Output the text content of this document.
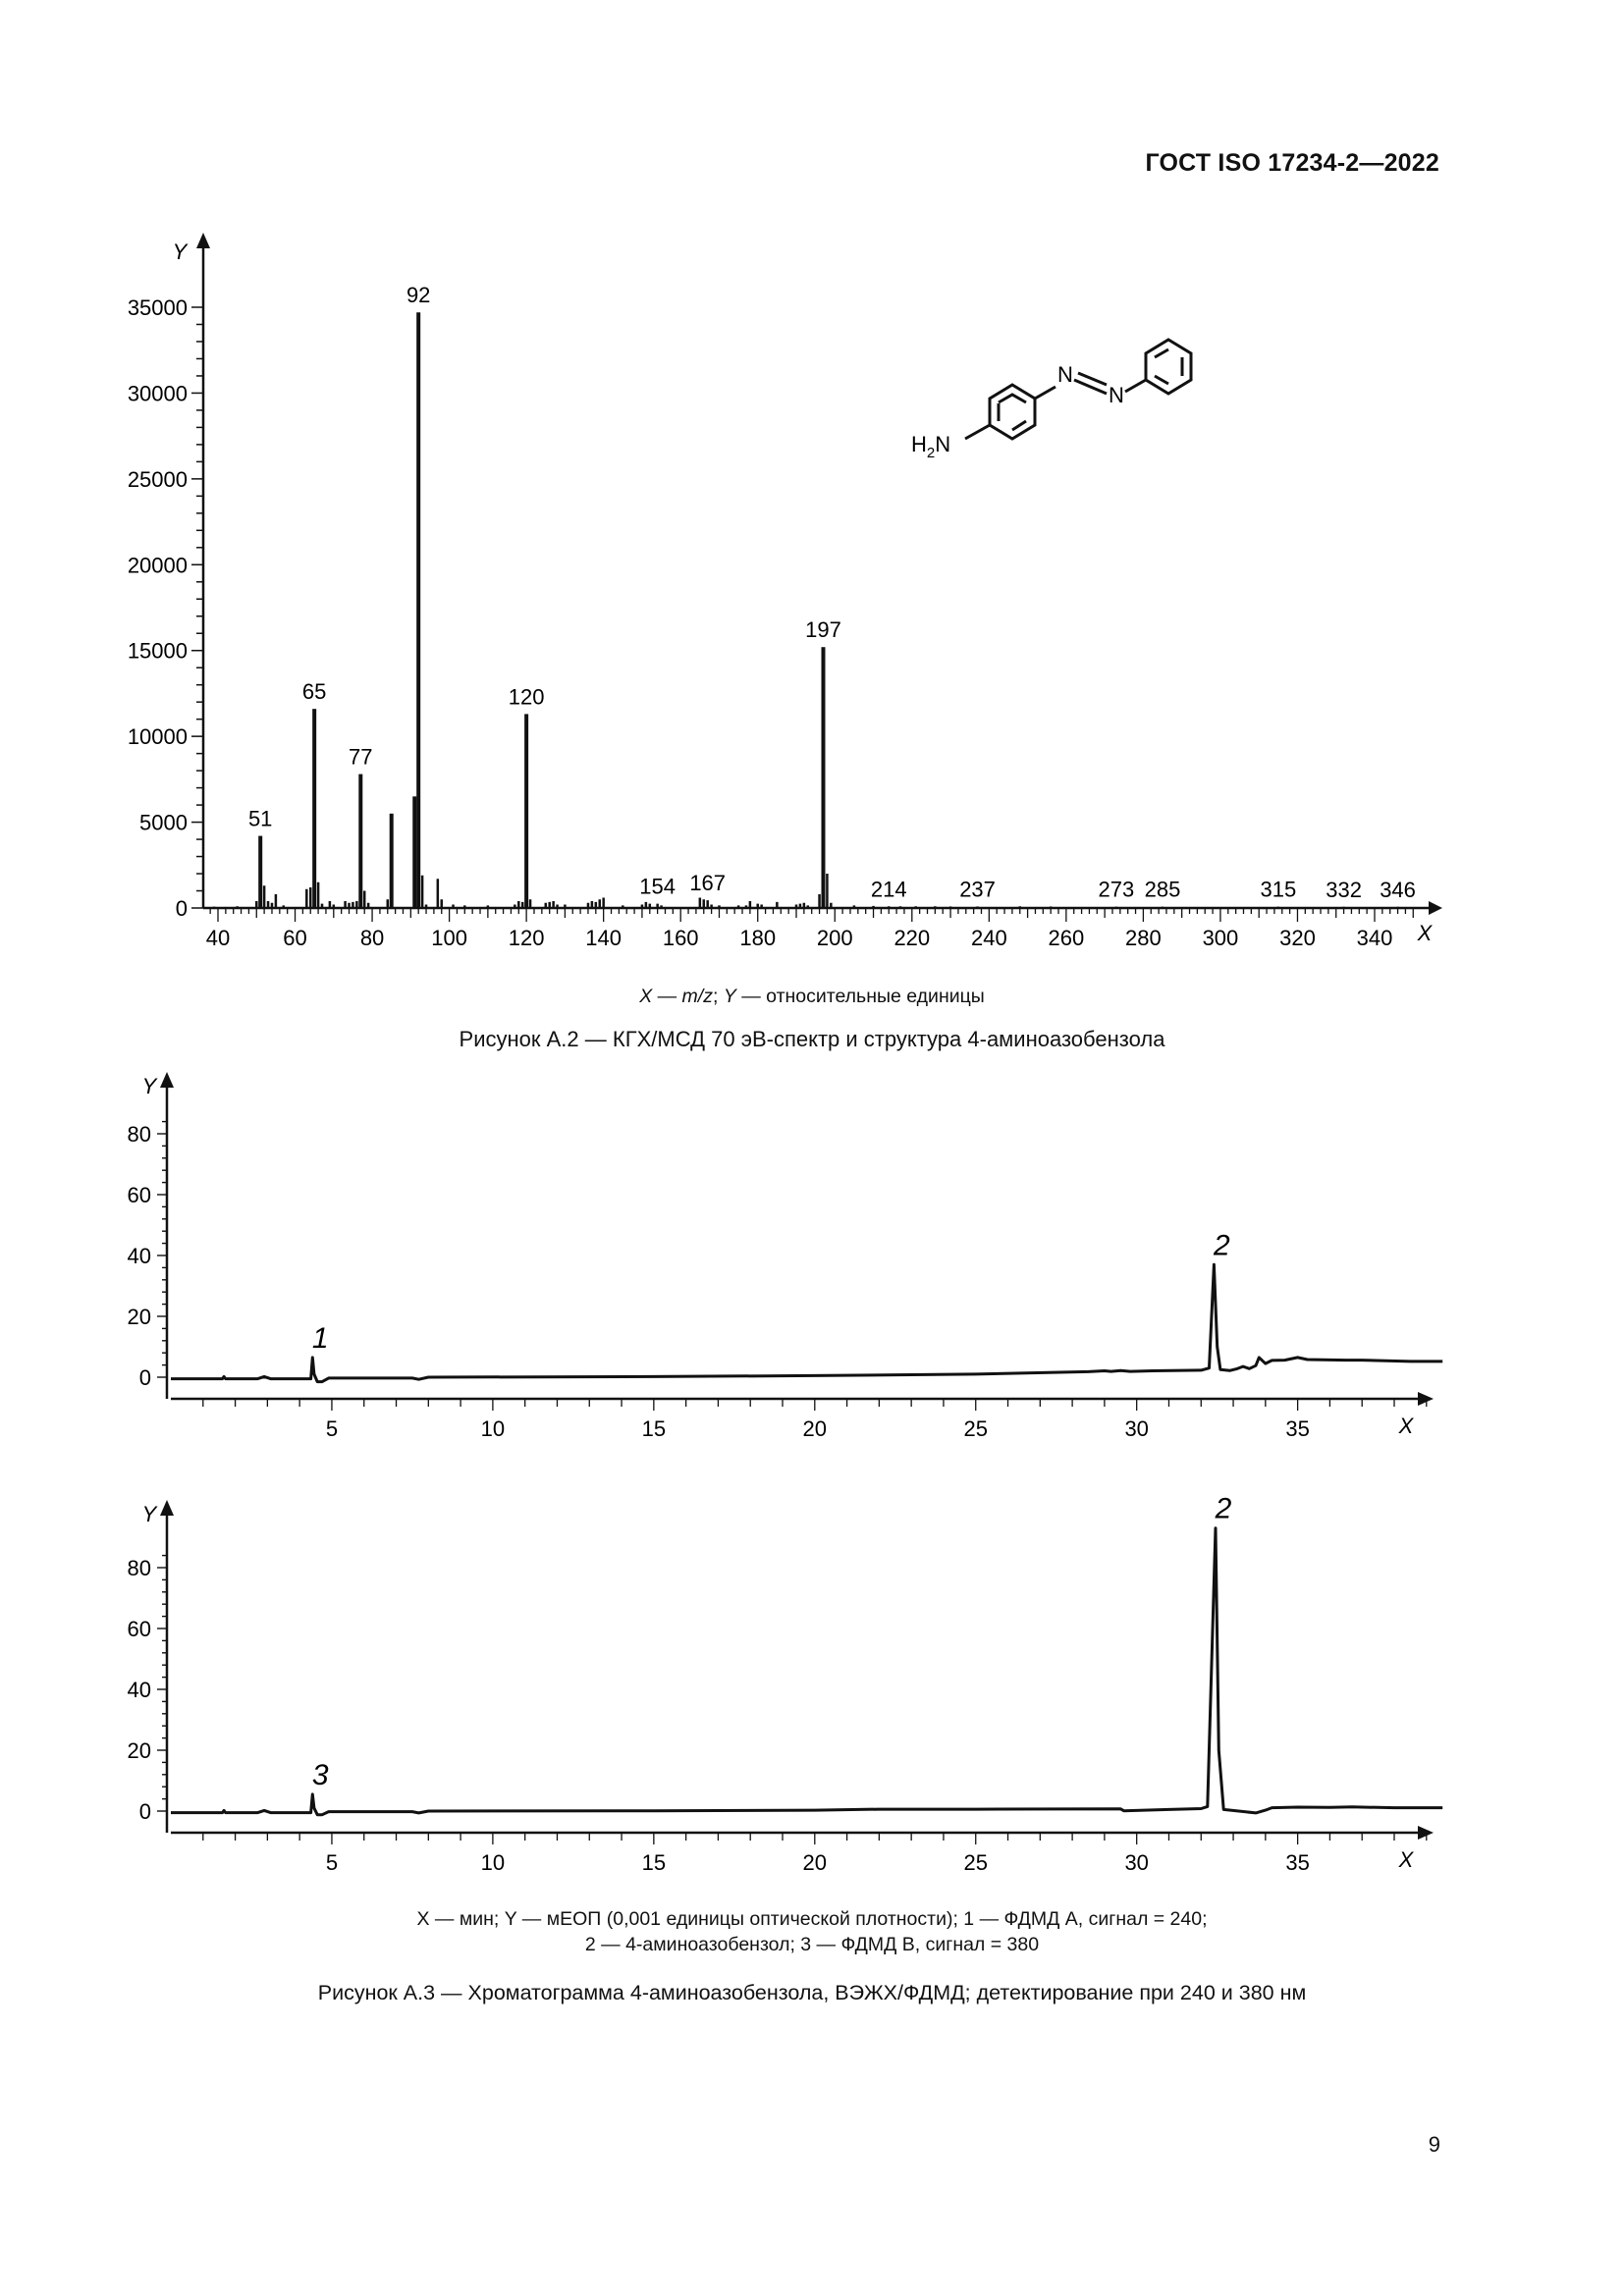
ГОСТ ISO 17234-2—2022
Y
X
0
5000
10000
15000
20000
25000
30000
35000
40 60 80 100 120 140 160 180 200 220 240 260 280 300 320 340
51
65
77
92
120
154 167
197
214 237	273 285	315 332 346
N
N
$H_2N$
X — m/z; Y — относительные единицы
Рисунок А.2 — КГХ/МСД 70 эВ-спектр и структура 4-аминоазобензола
Y
X
0
20
40
60
80
5	10	15	20	25	30	35
1
2
Y
X
0
20
40
60
80
5	10	15	20	25	30	35
3
2
X — мин; Y — мЕОП (0,001 единицы оптической плотности); 1 — ФДМД А, сигнал = 240;
2 — 4-аминоазобензол; 3 — ФДМД В, сигнал = 380
Рисунок А.3 — Хроматограмма 4-аминоазобензола, ВЭЖХ/ФДМД; детектирование при 240 и 380 нм
9
